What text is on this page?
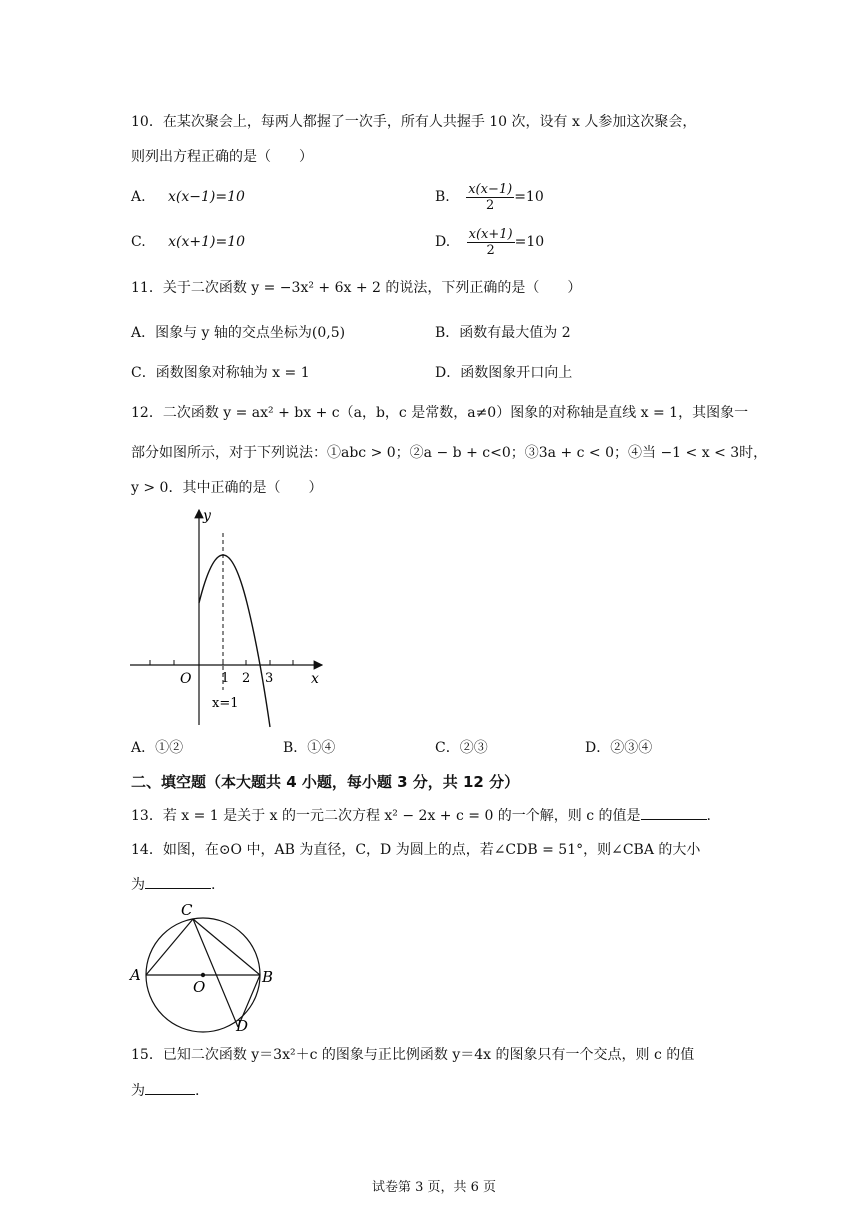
10．在某次聚会上，每两人都握了一次手，所有人共握手 10 次，设有 x 人参加这次聚会，
则列出方程正确的是（　　）
A. x(x−1)=10	B. $\frac{x(x-1)}{2} =10$
C. x(x+1)=10	D. $\frac{x(x+1)}{2} =10$
11．关于二次函数 y = −3x² + 6x + 2 的说法，下列正确的是（　　）
A．图象与 y 轴的交点坐标为(0,5)	B．函数有最大值为 2
C．函数图象对称轴为 x = 1	D．函数图象开口向上
12．二次函数 y = ax² + bx + c（a，b，c 是常数，a≠0）图象的对称轴是直线 x = 1，其图象一
部分如图所示，对于下列说法：①abc > 0；②a − b + c<0；③3a + c < 0；④当 −1 < x < 3时，
y > 0．其中正确的是（　　）
y
x
O 1 2 3
x=1
A．①②	B．①④	C．②③	D．②③④
二、填空题（本大题共 4 小题，每小题 3 分，共 12 分）
13．若 x = 1 是关于 x 的一元二次方程 x² − 2x + c = 0 的一个解，则 c 的值是	.
14．如图，在⊙O 中，AB 为直径，C，D 为圆上的点，若∠CDB = 51°，则∠CBA 的大小
为	.
A	B
C
D
O
15．已知二次函数 y＝3x²＋c 的图象与正比例函数 y＝4x 的图象只有一个交点，则 c 的值
为	.
试卷第 3 页，共 6 页
